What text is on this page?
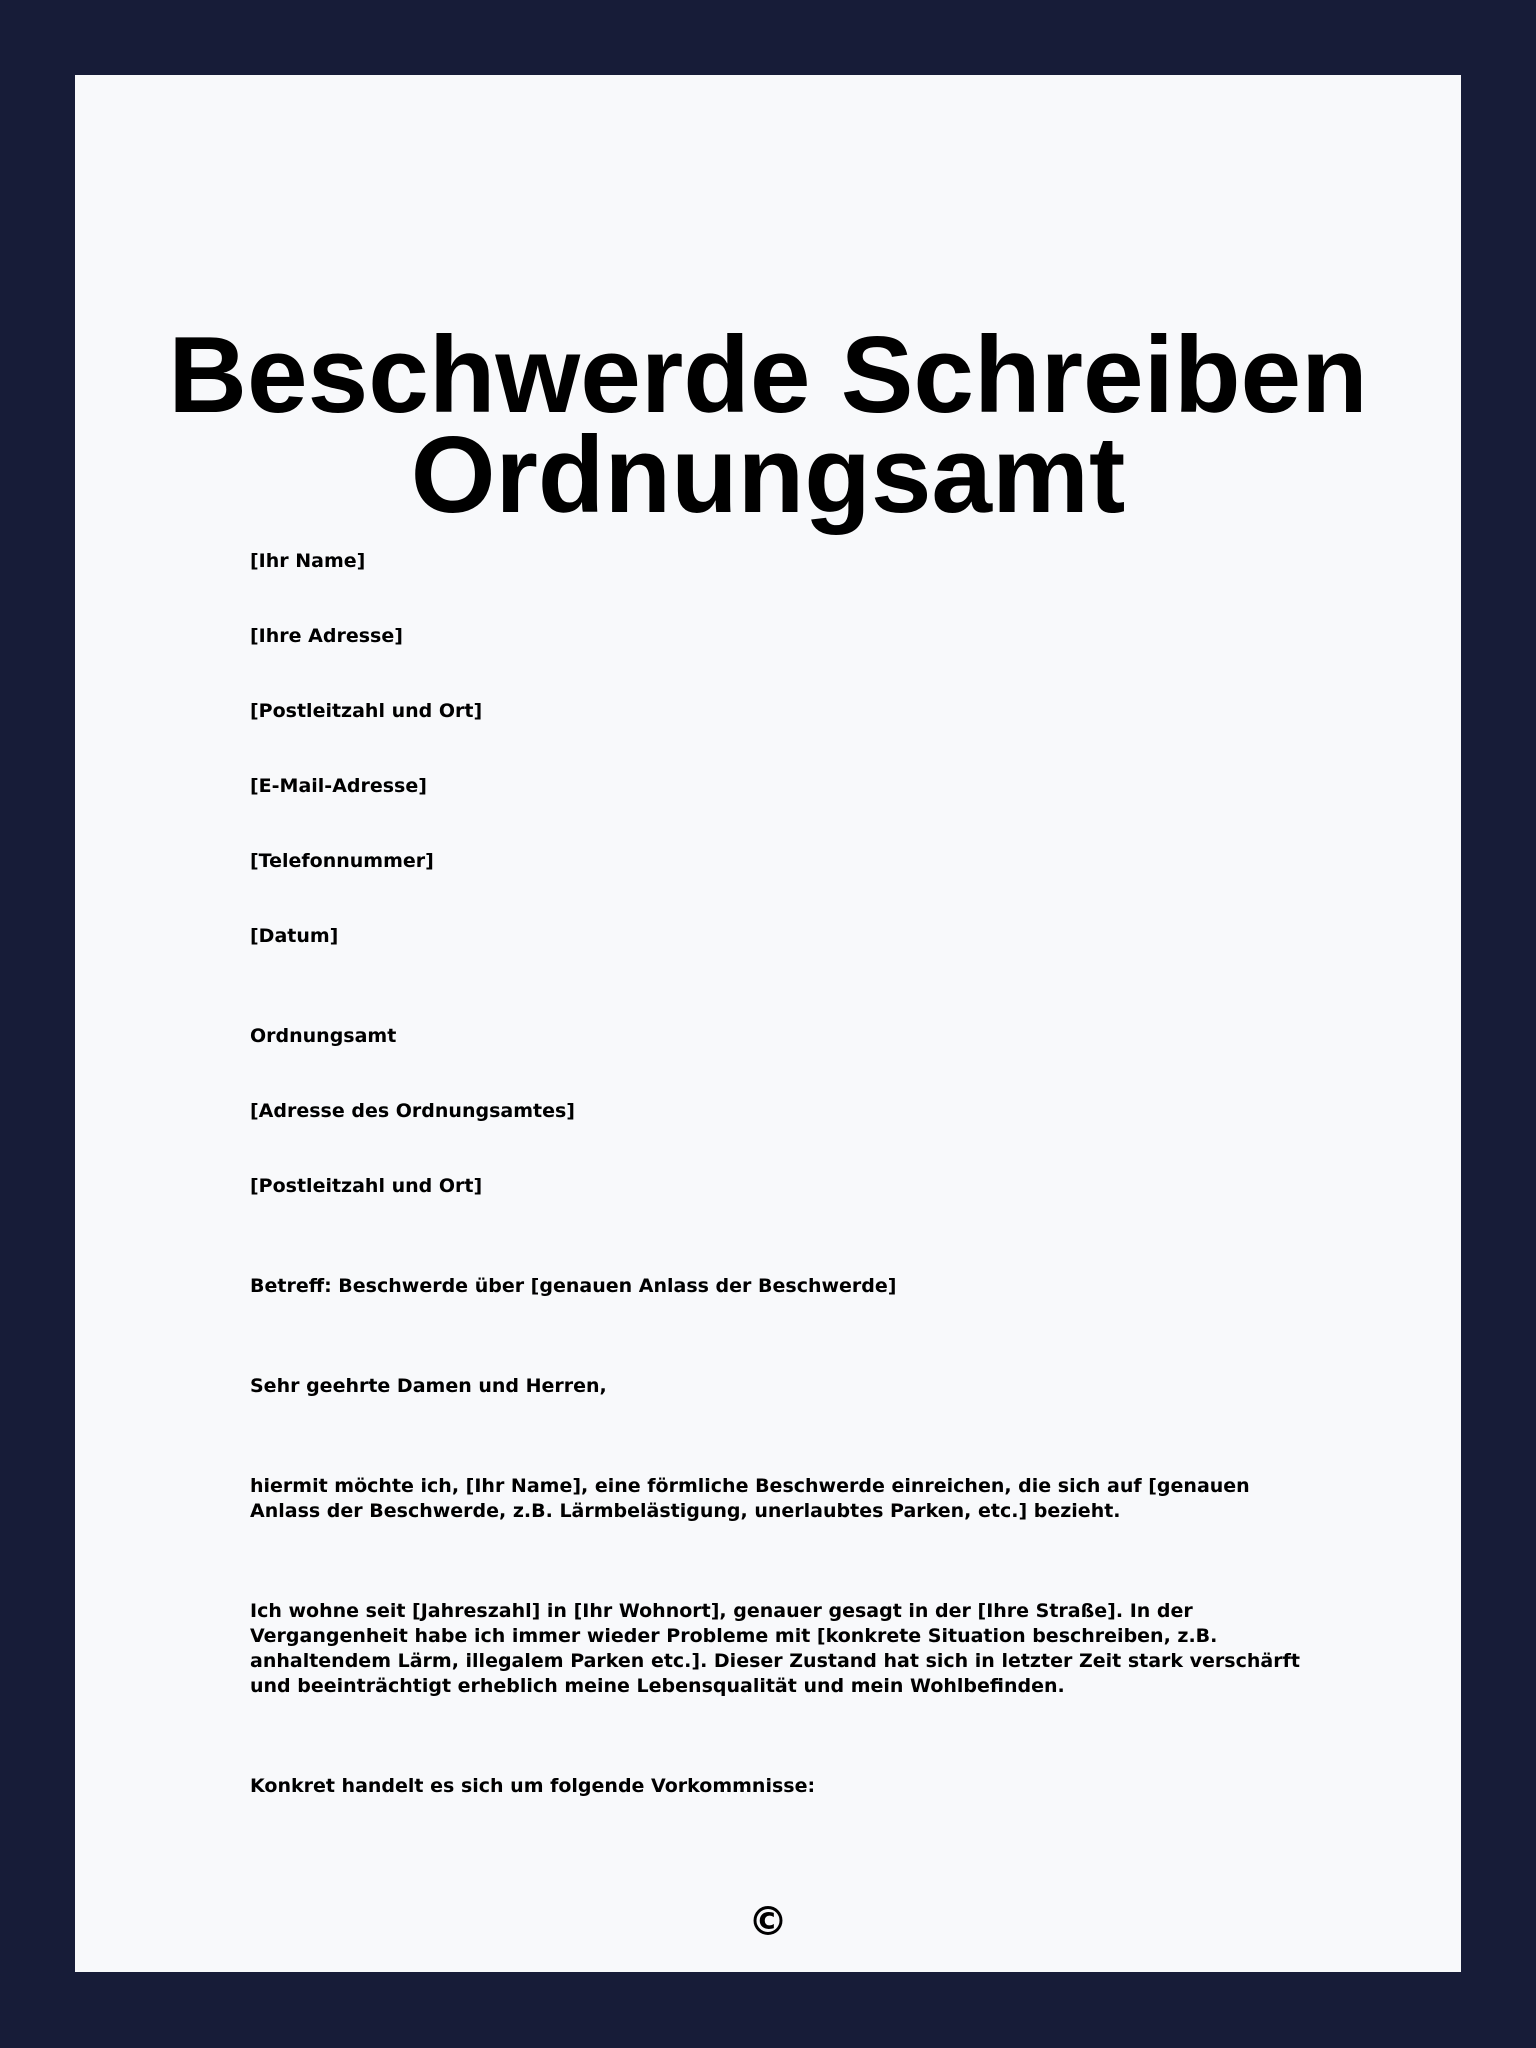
Beschwerde Schreiben
Ordnungsamt

[Ihr Name]

[Ihre Adresse]

[Postleitzahl und Ort]

[E-Mail-Adresse]

[Telefonnummer]

[Datum]

Ordnungsamt

[Adresse des Ordnungsamtes]

[Postleitzahl und Ort]

Betreff: Beschwerde über [genauen Anlass der Beschwerde]

Sehr geehrte Damen und Herren,

hiermit möchte ich, [Ihr Name], eine förmliche Beschwerde einreichen, die sich auf [genauen Anlass der Beschwerde, z.B. Lärmbelästigung, unerlaubtes Parken, etc.] bezieht.

Ich wohne seit [Jahreszahl] in [Ihr Wohnort], genauer gesagt in der [Ihre Straße]. In der Vergangenheit habe ich immer wieder Probleme mit [konkrete Situation beschreiben, z.B. anhaltendem Lärm, illegalem Parken etc.]. Dieser Zustand hat sich in letzter Zeit stark verschärft und beeinträchtigt erheblich meine Lebensqualität und mein Wohlbefinden.

Konkret handelt es sich um folgende Vorkommnisse:

©
